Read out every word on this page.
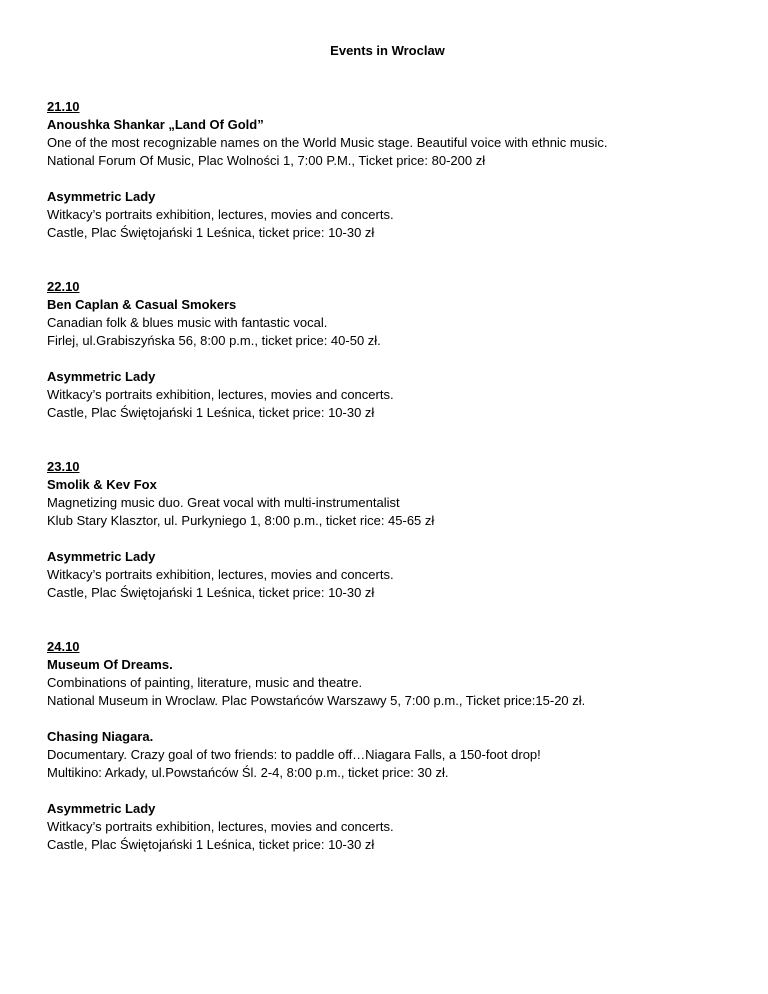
Events in Wroclaw
21.10
Anoushka Shankar „Land Of Gold”
One of the most recognizable names on the World Music stage. Beautiful voice with ethnic music.
National Forum Of Music, Plac Wolności 1, 7:00 P.M., Ticket price: 80-200 zł
Asymmetric Lady
Witkacy’s portraits exhibition, lectures, movies and concerts.
Castle, Plac Świętojański 1 Leśnica, ticket price: 10-30 zł
22.10
Ben Caplan & Casual Smokers
Canadian folk & blues music with fantastic vocal.
Firlej, ul.Grabiszyńska 56, 8:00 p.m., ticket price: 40-50 zł.
Asymmetric Lady
Witkacy’s portraits exhibition, lectures, movies and concerts.
Castle, Plac Świętojański 1 Leśnica, ticket price: 10-30 zł
23.10
Smolik & Kev Fox
Magnetizing music duo. Great vocal with multi-instrumentalist
Klub Stary Klasztor, ul. Purkyniego 1, 8:00 p.m., ticket rice: 45-65 zł
Asymmetric Lady
Witkacy’s portraits exhibition, lectures, movies and concerts.
Castle, Plac Świętojański 1 Leśnica, ticket price: 10-30 zł
24.10
Museum Of Dreams.
Combinations of painting, literature, music and theatre.
National Museum in Wroclaw. Plac Powstańców Warszawy 5, 7:00 p.m., Ticket price:15-20 zł.
Chasing Niagara.
Documentary. Crazy goal of two friends: to paddle off…Niagara Falls, a 150-foot drop!
Multikino: Arkady, ul.Powstańców Śl. 2-4, 8:00 p.m., ticket price: 30 zł.
Asymmetric Lady
Witkacy’s portraits exhibition, lectures, movies and concerts.
Castle, Plac Świętojański 1 Leśnica, ticket price: 10-30 zł
